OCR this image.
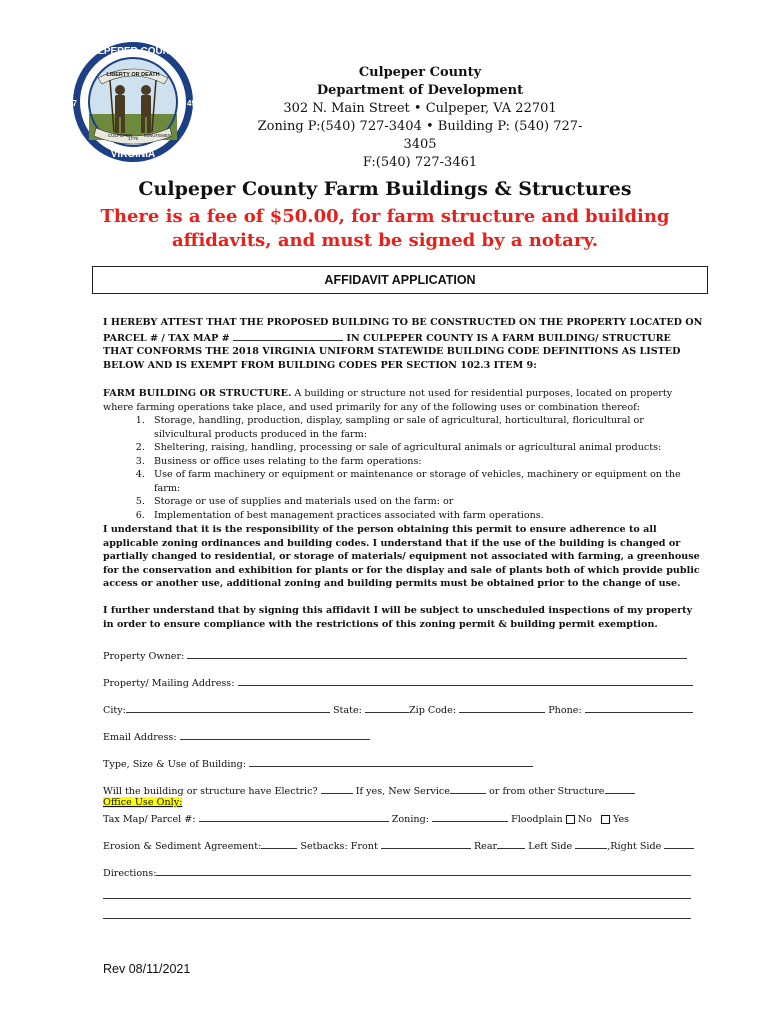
CULPEPER COUNTY
LIBERTY OR DEATH
17	49
CULPEPER
1775
MINUTEMEN
VIRGINIA
Culpeper County
Department of Development
302 N. Main Street • Culpeper, VA 22701
Zoning P:(540) 727-3404 • Building P: (540) 727-3405
F:(540) 727-3461
Culpeper County Farm Buildings & Structures
There is a fee of $50.00, for farm structure and building
affidavits, and must be signed by a notary.
AFFIDAVIT APPLICATION
I HEREBY ATTEST THAT THE PROPOSED BUILDING TO BE CONSTRUCTED ON THE PROPERTY LOCATED ON PARCEL # / TAX MAP #	IN CULPEPER COUNTY IS A FARM BUILDING/ STRUCTURE THAT CONFORMS THE 2018 VIRGINIA UNIFORM STATEWIDE BUILDING CODE DEFINITIONS AS LISTED BELOW AND IS EXEMPT FROM BUILDING CODES PER SECTION 102.3 ITEM 9:
FARM BUILDING OR STRUCTURE. A building or structure not used for residential purposes, located on property where farming operations take place, and used primarily for any of the following uses or combination thereof:
1. Storage, handling, production, display, sampling or sale of agricultural, horticultural, floricultural or silvicultural products produced in the farm:
2. Sheltering, raising, handling, processing or sale of agricultural animals or agricultural animal products:
3. Business or office uses relating to the farm operations:
4. Use of farm machinery or equipment or maintenance or storage of vehicles, machinery or equipment on the farm:
5. Storage or use of supplies and materials used on the farm: or
6. Implementation of best management practices associated with farm operations.
I understand that it is the responsibility of the person obtaining this permit to ensure adherence to all applicable zoning ordinances and building codes. I understand that if the use of the building is changed or partially changed to residential, or storage of materials/ equipment not associated with farming, a greenhouse for the conservation and exhibition for plants or for the display and sale of plants both of which provide public access or another use, additional zoning and building permits must be obtained prior to the change of use.
I further understand that by signing this affidavit I will be subject to unscheduled inspections of my property in order to ensure compliance with the restrictions of this zoning permit & building permit exemption.
Property Owner:
Property/ Mailing Address:
City:	State:	Zip Code:	Phone:
Email Address:
Type, Size & Use of Building:
Will the building or structure have Electric?	If yes, New Service	or from other Structure
Office Use Only:
Tax Map/ Parcel #:	Zoning:	Floodplain No Yes
Erosion & Sediment Agreement:	Setbacks: Front	Rear	Left Side	,Right Side
Directions:
Rev 08/11/2021
